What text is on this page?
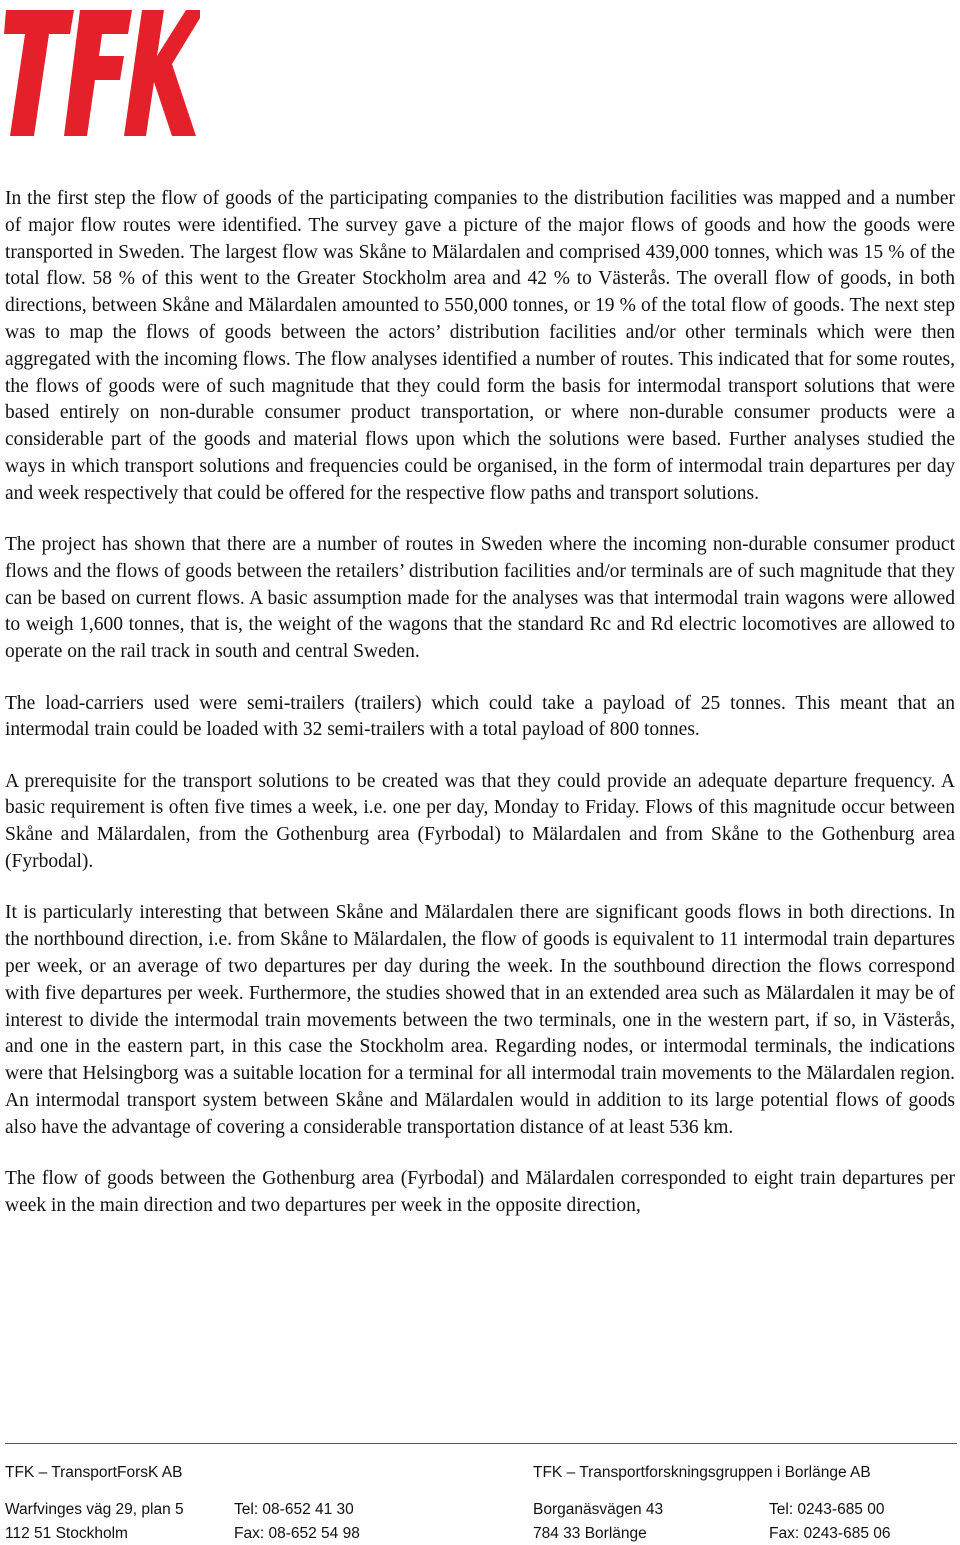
In the first step the flow of goods of the participating companies to the distribution facilities was mapped and a number of major flow routes were identified. The survey gave a picture of the major flows of goods and how the goods were transported in Sweden. The largest flow was Skåne to Mälardalen and comprised 439,000 tonnes, which was 15 % of the total flow. 58 % of this went to the Greater Stockholm area and 42 % to Västerås. The overall flow of goods, in both directions, between Skåne and Mälardalen amounted to 550,000 tonnes, or 19 % of the total flow of goods. The next step was to map the flows of goods between the actors’ distribution facilities and/or other terminals which were then aggregated with the incoming flows. The flow analyses identified a number of routes. This indicated that for some routes, the flows of goods were of such magnitude that they could form the basis for intermodal transport solutions that were based entirely on non-durable consumer product transportation, or where non-durable consumer products were a considerable part of the goods and material flows upon which the solutions were based. Further analyses studied the ways in which transport solutions and frequencies could be organised, in the form of intermodal train departures per day and week respectively that could be offered for the respective flow paths and transport solutions.

The project has shown that there are a number of routes in Sweden where the incoming non-durable consumer product flows and the flows of goods between the retailers’ distribution facilities and/or terminals are of such magnitude that they can be based on current flows. A basic assumption made for the analyses was that intermodal train wagons were allowed to weigh 1,600 tonnes, that is, the weight of the wagons that the standard Rc and Rd electric locomotives are allowed to operate on the rail track in south and central Sweden.

The load-carriers used were semi-trailers (trailers) which could take a payload of 25 tonnes. This meant that an intermodal train could be loaded with 32 semi-trailers with a total payload of 800 tonnes.

A prerequisite for the transport solutions to be created was that they could provide an adequate departure frequency. A basic requirement is often five times a week, i.e. one per day, Monday to Friday. Flows of this magnitude occur between Skåne and Mälardalen, from the Gothenburg area (Fyrbodal) to Mälardalen and from Skåne to the Gothenburg area (Fyrbodal).

It is particularly interesting that between Skåne and Mälardalen there are significant goods flows in both directions. In the northbound direction, i.e. from Skåne to Mälardalen, the flow of goods is equivalent to 11 intermodal train departures per week, or an average of two departures per day during the week. In the southbound direction the flows correspond with five departures per week. Furthermore, the studies showed that in an extended area such as Mälardalen it may be of interest to divide the intermodal train movements between the two terminals, one in the western part, if so, in Västerås, and one in the eastern part, in this case the Stockholm area. Regarding nodes, or intermodal terminals, the indications were that Helsingborg was a suitable location for a terminal for all intermodal train movements to the Mälardalen region. An intermodal transport system between Skåne and Mälardalen would in addition to its large potential flows of goods also have the advantage of covering a considerable transportation distance of at least 536 km.

The flow of goods between the Gothenburg area (Fyrbodal) and Mälardalen corresponded to eight train departures per week in the main direction and two departures per week in the opposite direction,

TFK – TransportForsK AB	TFK – Transportforskningsgruppen i Borlänge AB
Warfvinges väg 29, plan 5	Tel: 08-652 41 30	Borganäsvägen 43	Tel: 0243-685 00
112 51 Stockholm	Fax: 08-652 54 98	784 33 Borlänge	Fax: 0243-685 06
